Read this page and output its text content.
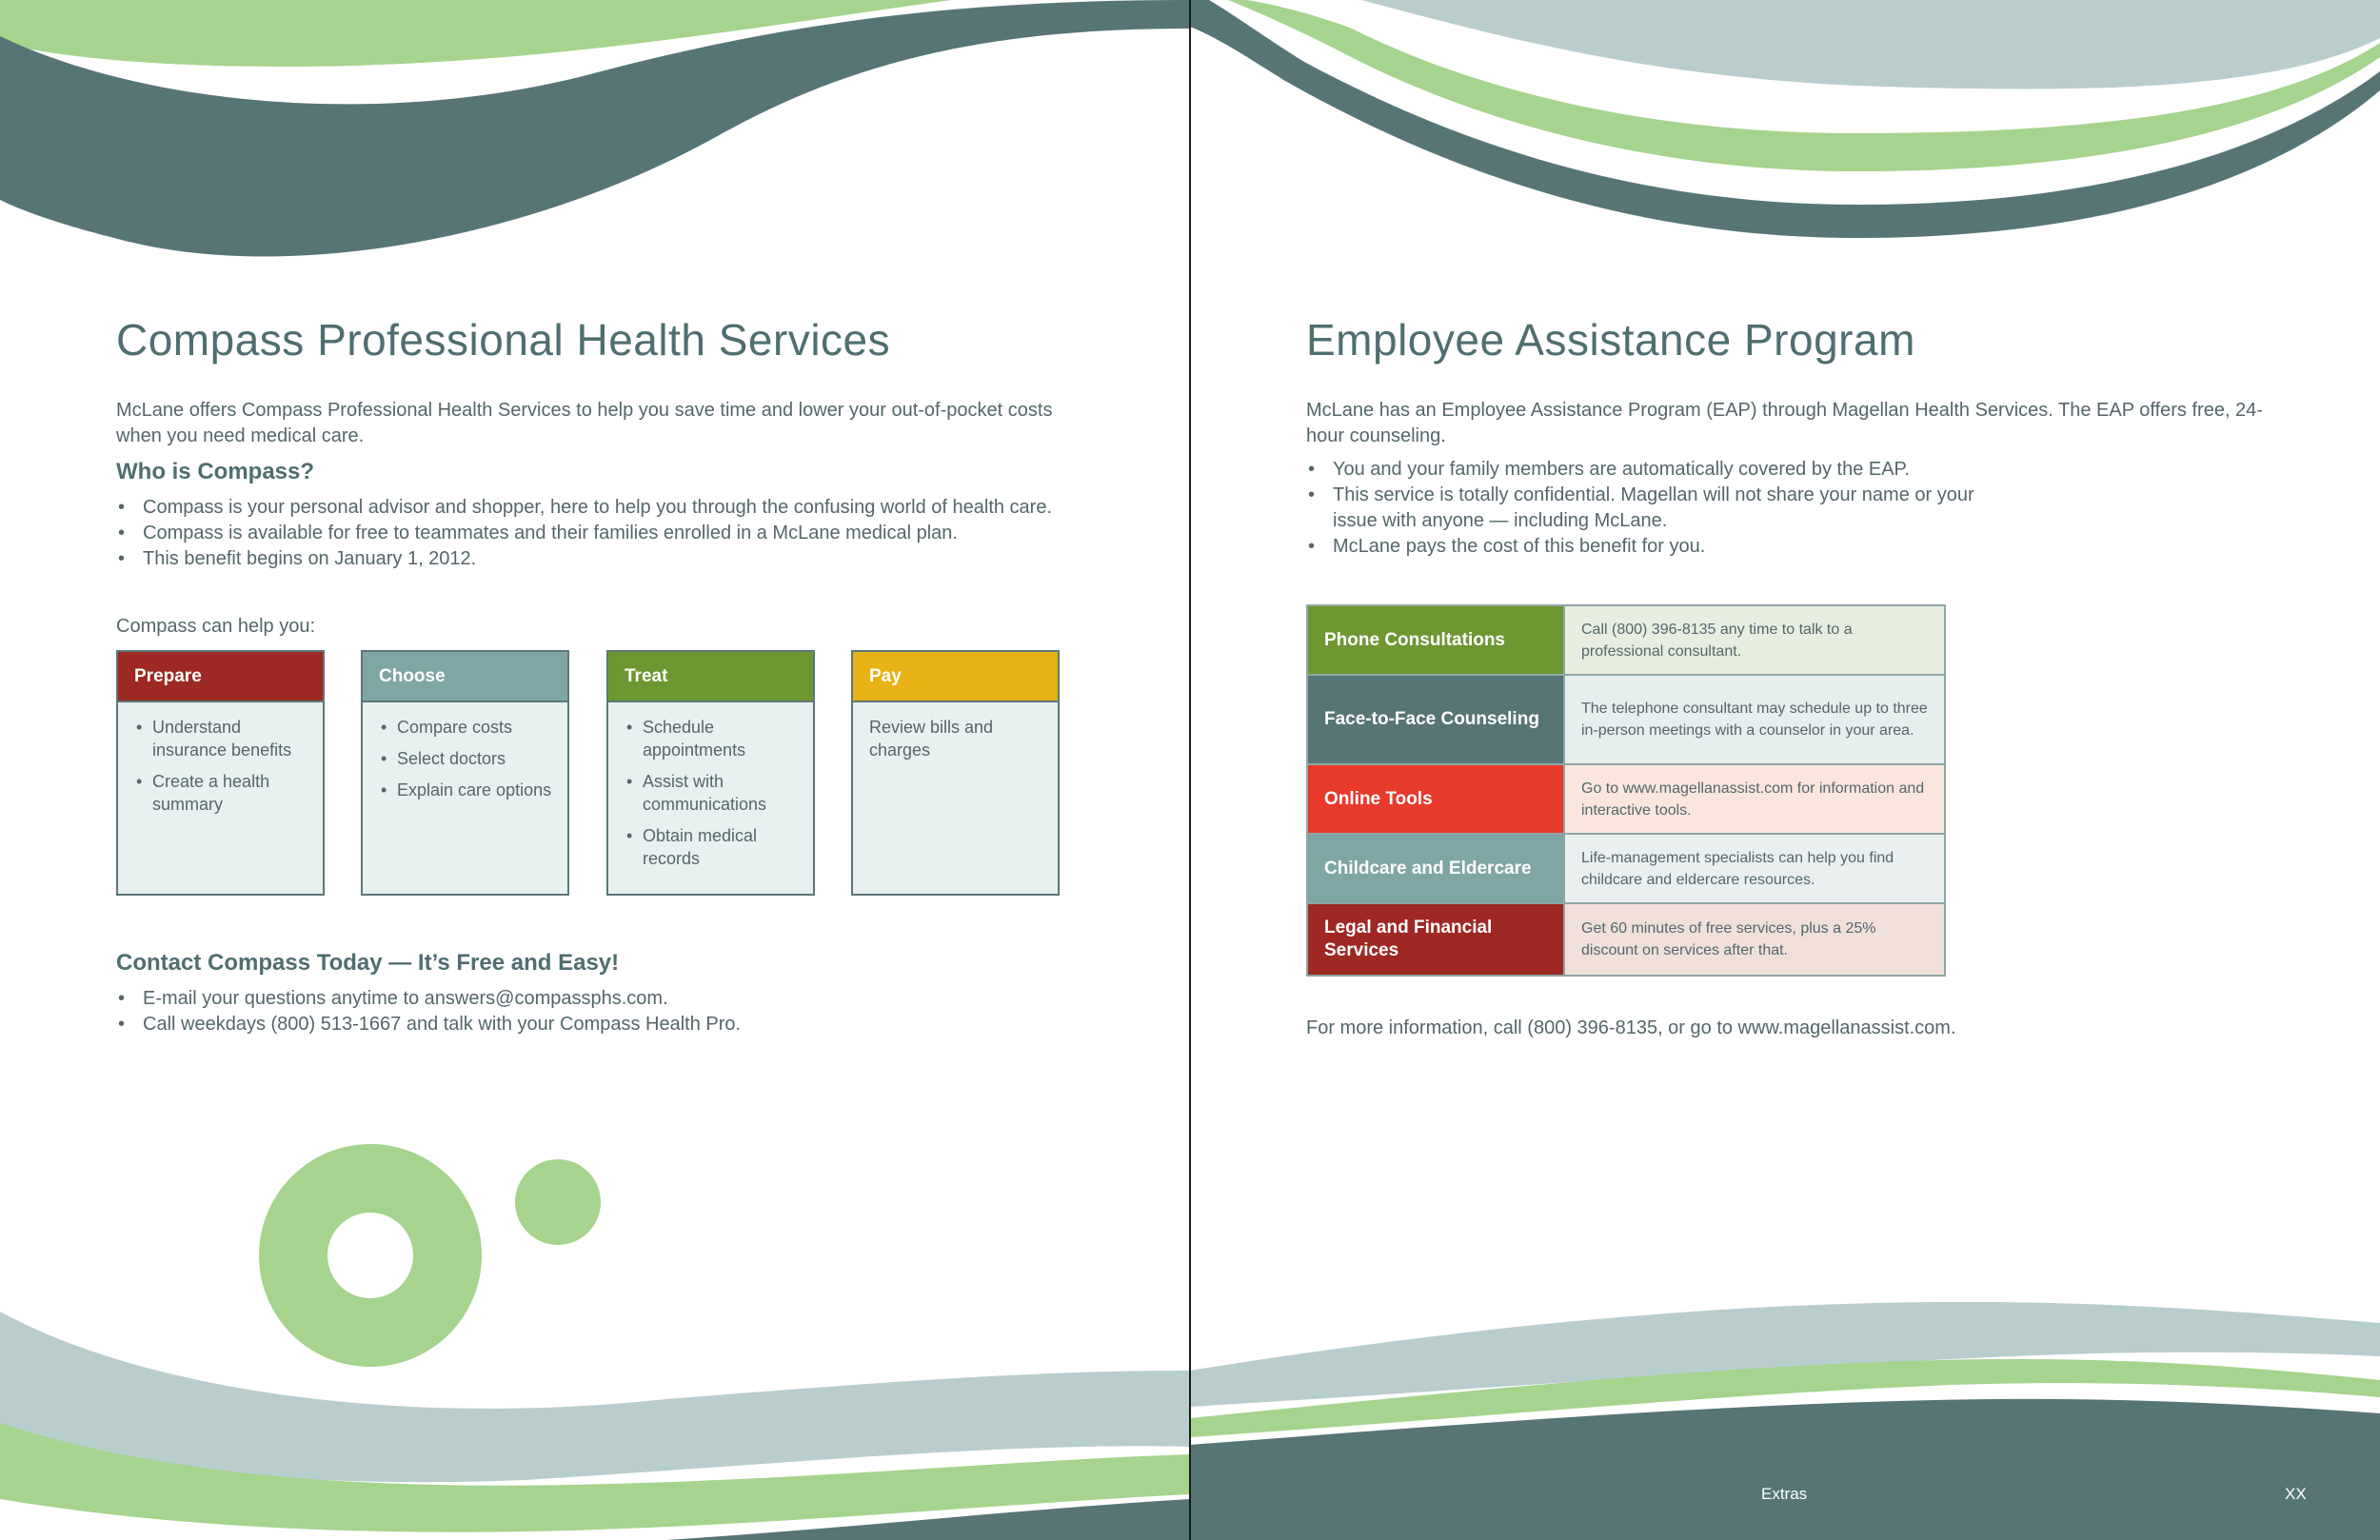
Compass Professional Health Services

McLane offers Compass Professional Health Services to help you save time and lower your out-of-pocket costs when you need medical care.

Who is Compass?
• Compass is your personal advisor and shopper, here to help you through the confusing world of health care.
• Compass is available for free to teammates and their families enrolled in a McLane medical plan.
• This benefit begins on January 1, 2012.

Compass can help you:

Prepare
• Understand insurance benefits
• Create a health summary
Choose
• Compare costs
• Select doctors
• Explain care options
Treat
• Schedule appointments
• Assist with communications
• Obtain medical records
Pay

Review bills and charges

Contact Compass Today — It’s Free and Easy!
• E-mail your questions anytime to answers@compassphs.com.
• Call weekdays (800) 513-1667 and talk with your Compass Health Pro.
Employee Assistance Program

McLane has an Employee Assistance Program (EAP) through Magellan Health Services. The EAP offers free, 24-hour counseling.

• You and your family members are automatically covered by the EAP.
• This service is totally confidential. Magellan will not share your name or your issue with anyone — including McLane.
• McLane pays the cost of this benefit for you.
Phone Consultations	Call (800) 396-8135 any time to talk to a professional consultant.
Face-to-Face Counseling	The telephone consultant may schedule up to three in-person meetings with a counselor in your area.
Online Tools	Go to www.magellanassist.com for information and interactive tools.
Childcare and Eldercare	Life-management specialists can help you find childcare and eldercare resources.
Legal and Financial Services	Get 60 minutes of free services, plus a 25% discount on services after that.

For more information, call (800) 396-8135, or go to www.magellanassist.com.

Extras	XX
